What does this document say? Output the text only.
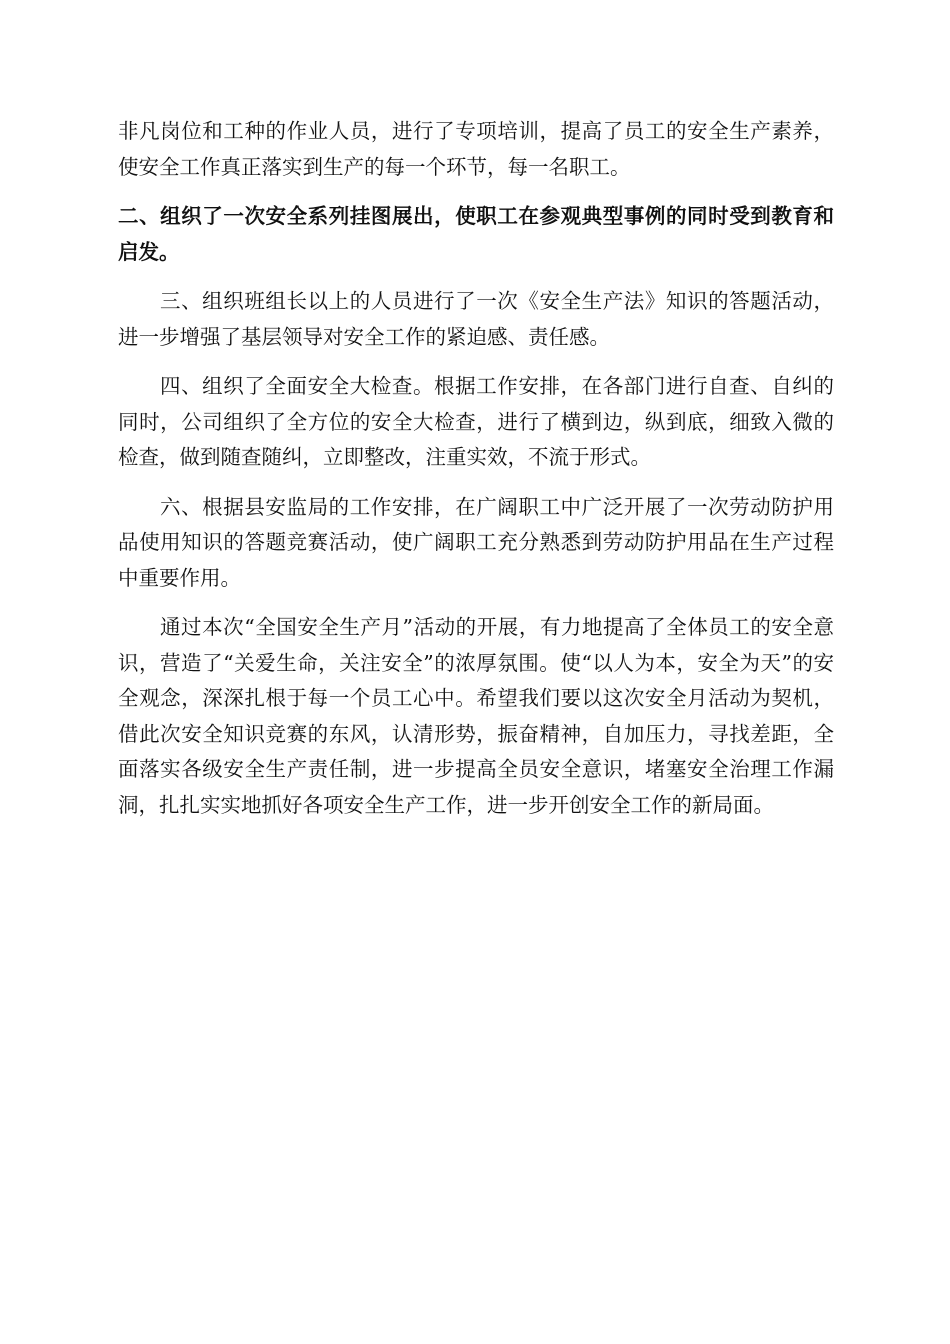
非凡岗位和工种的作业人员，进行了专项培训，提高了员工的安全生产素养，使安全工作真正落实到生产的每一个环节，每一名职工。

二、组织了一次安全系列挂图展出，使职工在参观典型事例的同时受到教育和启发。

三、组织班组长以上的人员进行了一次《安全生产法》知识的答题活动，进一步增强了基层领导对安全工作的紧迫感、责任感。

四、组织了全面安全大检查。根据工作安排，在各部门进行自查、自纠的同时，公司组织了全方位的安全大检查，进行了横到边，纵到底，细致入微的检查，做到随查随纠，立即整改，注重实效，不流于形式。

六、根据县安监局的工作安排，在广阔职工中广泛开展了一次劳动防护用品使用知识的答题竞赛活动，使广阔职工充分熟悉到劳动防护用品在生产过程中重要作用。

通过本次“全国安全生产月”活动的开展，有力地提高了全体员工的安全意识，营造了“关爱生命，关注安全”的浓厚氛围。使“以人为本，安全为天”的安全观念，深深扎根于每一个员工心中。希望我们要以这次安全月活动为契机，借此次安全知识竞赛的东风，认清形势，振奋精神，自加压力，寻找差距，全面落实各级安全生产责任制，进一步提高全员安全意识，堵塞安全治理工作漏洞，扎扎实实地抓好各项安全生产工作，进一步开创安全工作的新局面。
